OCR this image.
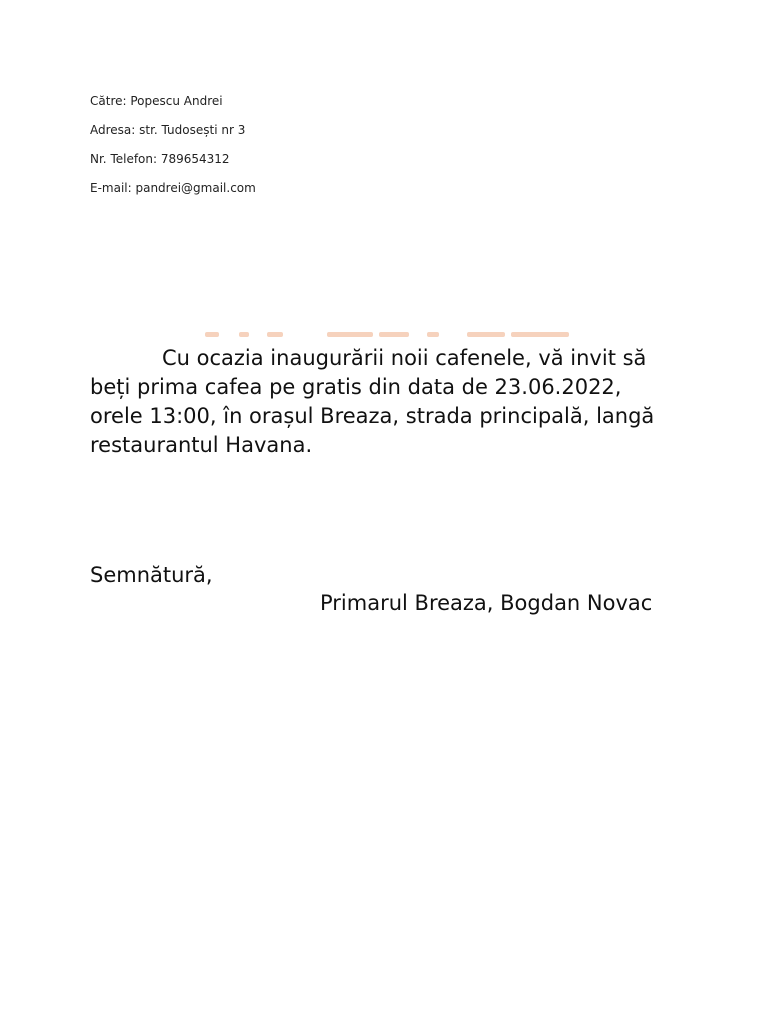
Către: Popescu Andrei
Adresa: str. Tudosești nr 3
Nr. Telefon: 789654312
E-mail: pandrei@gmail.com

Cu ocazia inaugurării noii cafenele, vă invit să beți prima cafea pe gratis din data de 23.06.2022, orele 13:00, în orașul Breaza, strada principală, langă restaurantul Havana.

Semnătură,
Primarul Breaza, Bogdan Novac
